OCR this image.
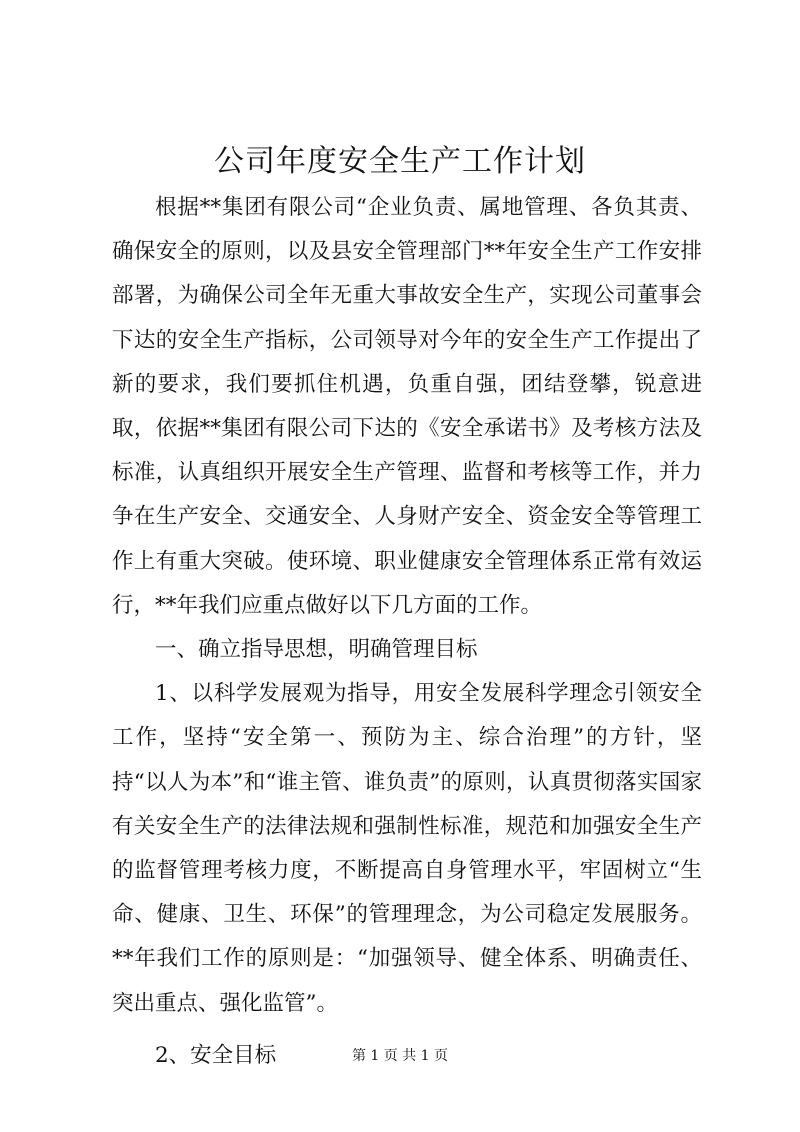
公司年度安全生产工作计划

根据**集团有限公司“企业负责、属地管理、各负其责、确保安全的原则，以及县安全管理部门**年安全生产工作安排部署，为确保公司全年无重大事故安全生产，实现公司董事会下达的安全生产指标，公司领导对今年的安全生产工作提出了新的要求，我们要抓住机遇，负重自强，团结登攀，锐意进取，依据**集团有限公司下达的《安全承诺书》及考核方法及标准，认真组织开展安全生产管理、监督和考核等工作，并力争在生产安全、交通安全、人身财产安全、资金安全等管理工作上有重大突破。使环境、职业健康安全管理体系正常有效运行，**年我们应重点做好以下几方面的工作。

一、确立指导思想，明确管理目标

1、以科学发展观为指导，用安全发展科学理念引领安全工作，坚持“安全第一、预防为主、综合治理”的方针，坚持“以人为本”和“谁主管、谁负责”的原则，认真贯彻落实国家有关安全生产的法律法规和强制性标准，规范和加强安全生产的监督管理考核力度，不断提高自身管理水平，牢固树立“生命、健康、卫生、环保”的管理理念，为公司稳定发展服务。**年我们工作的原则是：“加强领导、健全体系、明确责任、突出重点、强化监管”。

2、安全目标	第 1 页 共 1 页
